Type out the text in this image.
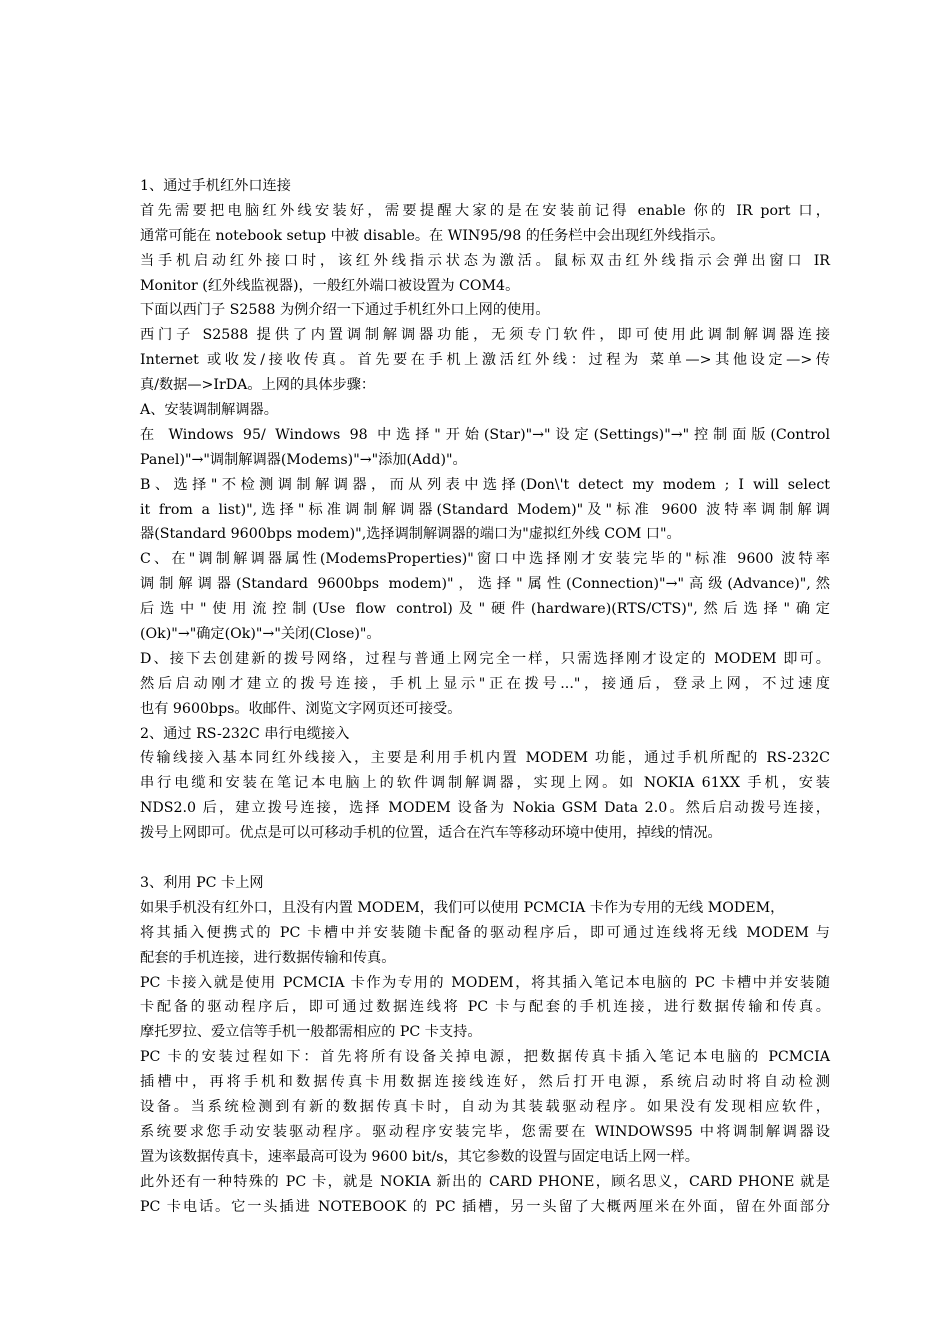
1、通过手机红外口连接
首先需要把电脑红外线安装好，需要提醒大家的是在安装前记得 enable 你的 IR port 口，
通常可能在 notebook setup 中被 disable。在 WIN95/98 的任务栏中会出现红外线指示。
当手机启动红外接口时，该红外线指示状态为激活。鼠标双击红外线指示会弹出窗口 IR
Monitor (红外线监视器)，一般红外端口被设置为 COM4。
下面以西门子 S2588 为例介绍一下通过手机红外口上网的使用。
西门子 S2588 提供了内置调制解调器功能，无须专门软件，即可使用此调制解调器连接
Internet 或收发/接收传真。首先要在手机上激活红外线：过程为 菜单—>其他设定—>传
真/数据—>IrDA。上网的具体步骤：
A、安装调制解调器。
在 Windows 95/ Windows 98 中选择"开始(Star)"→"设定(Settings)"→"控制面版(Control
Panel)"→"调制解调器(Modems)"→"添加(Add)"。
B、选择"不检测调制解调器，而从列表中选择(Don\'t detect my modem ; I will select
it from a list)",选择"标准调制解调器(Standard Modem)"及"标准 9600 波特率调制解调
器(Standard 9600bps modem)",选择调制解调器的端口为"虚拟红外线 COM 口"。
C、在"调制解调器属性(ModemsProperties)"窗口中选择刚才安装完毕的"标准 9600 波特率
调制解调器(Standard 9600bps modem)"，选择"属性(Connection)"→"高级(Advance)",然
后选中"使用流控制(Use flow control)及"硬件(hardware)(RTS/CTS)",然后选择"确定
(Ok)"→"确定(Ok)"→"关闭(Close)"。
D、接下去创建新的拨号网络，过程与普通上网完全一样，只需选择刚才设定的 MODEM 即可。
然后启动刚才建立的拨号连接，手机上显示"正在拨号..."，接通后，登录上网，不过速度
也有 9600bps。收邮件、浏览文字网页还可接受。
2、通过 RS-232C 串行电缆接入
传输线接入基本同红外线接入，主要是利用手机内置 MODEM 功能，通过手机所配的 RS-232C
串行电缆和安装在笔记本电脑上的软件调制解调器，实现上网。如 NOKIA 61XX 手机，安装
NDS2.0 后，建立拨号连接，选择 MODEM 设备为 Nokia GSM Data 2.0。然后启动拨号连接，
拨号上网即可。优点是可以可移动手机的位置，适合在汽车等移动环境中使用，掉线的情况。
3、利用 PC 卡上网
如果手机没有红外口，且没有内置 MODEM，我们可以使用 PCMCIA 卡作为专用的无线 MODEM，
将其插入便携式的 PC 卡槽中并安装随卡配备的驱动程序后，即可通过连线将无线 MODEM 与
配套的手机连接，进行数据传输和传真。
PC 卡接入就是使用 PCMCIA 卡作为专用的 MODEM，将其插入笔记本电脑的 PC 卡槽中并安装随
卡配备的驱动程序后，即可通过数据连线将 PC 卡与配套的手机连接，进行数据传输和传真。
摩托罗拉、爱立信等手机一般都需相应的 PC 卡支持。
PC 卡的安装过程如下：首先将所有设备关掉电源，把数据传真卡插入笔记本电脑的 PCMCIA
插槽中，再将手机和数据传真卡用数据连接线连好，然后打开电源，系统启动时将自动检测
设备。当系统检测到有新的数据传真卡时，自动为其装载驱动程序。如果没有发现相应软件，
系统要求您手动安装驱动程序。驱动程序安装完毕，您需要在 WINDOWS95 中将调制解调器设
置为该数据传真卡，速率最高可设为 9600 bit/s，其它参数的设置与固定电话上网一样。
此外还有一种特殊的 PC 卡，就是 NOKIA 新出的 CARD PHONE，顾名思义，CARD PHONE 就是
PC 卡电话。它一头插进 NOTEBOOK 的 PC 插槽，另一头留了大概两厘米在外面，留在外面部分
